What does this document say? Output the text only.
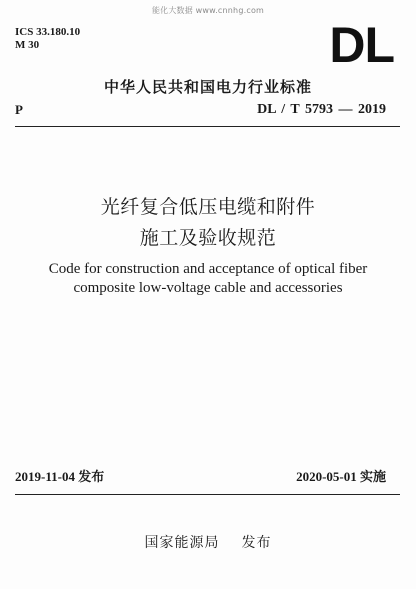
能化大数据 www.cnnhg.com
ICS 33.180.10
M 30	DL
中华人民共和国电力行业标准
P	DL / T 5793 — 2019
光纤复合低压电缆和附件
施工及验收规范
Code for construction and acceptance of optical fiber
composite low-voltage cable and accessories
2019-11-04 发布	2020-05-01 实施
国家能源局 发布
